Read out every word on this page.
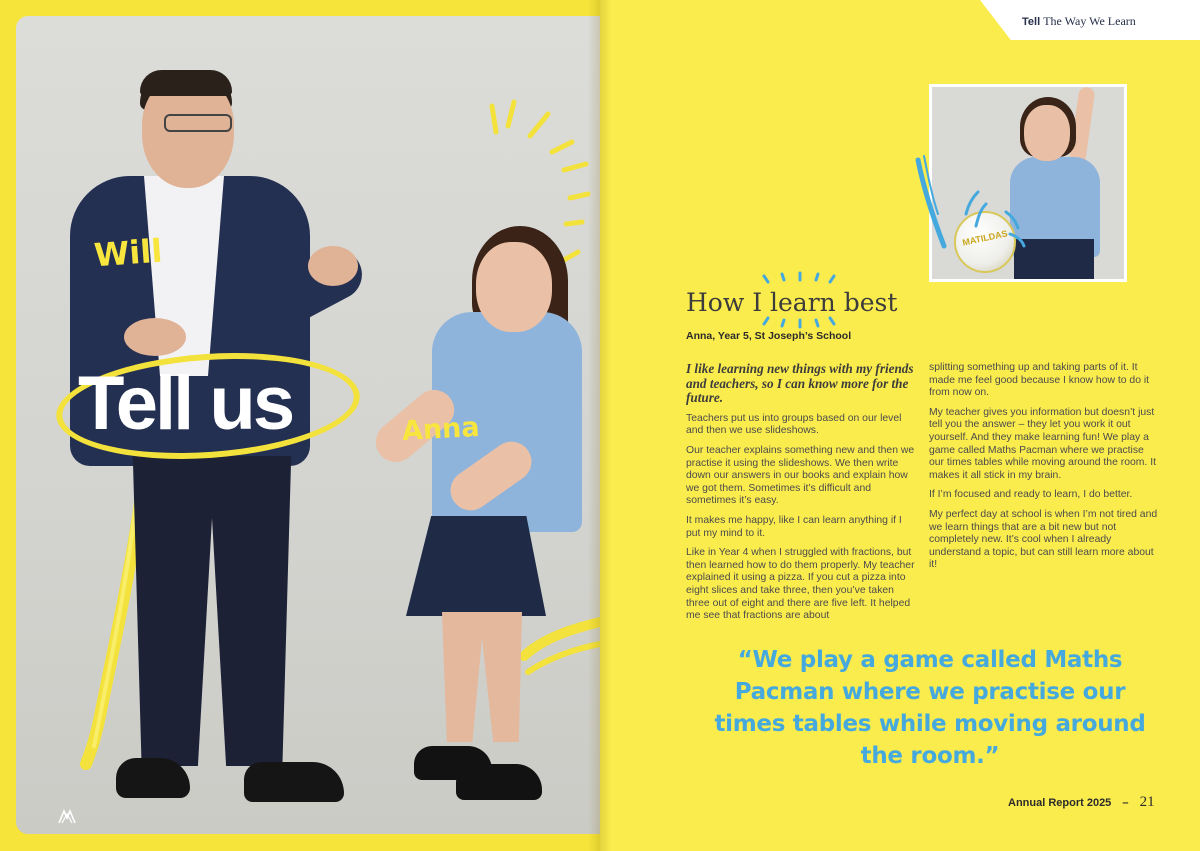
Will
Anna
Tell us
Tell The Way We Learn
MATILDAS
How I learn best
Anna, Year 5, St Joseph’s School

I like learning new things with my friends and teachers, so I can know more for the future.

Teachers put us into groups based on our level and then we use slideshows.

Our teacher explains something new and then we practise it using the slideshows. We then write down our answers in our books and explain how we got them. Sometimes it’s difficult and sometimes it’s easy.

It makes me happy, like I can learn anything if I put my mind to it.

Like in Year 4 when I struggled with fractions, but then learned how to do them properly. My teacher explained it using a pizza. If you cut a pizza into eight slices and take three, then you’ve taken three out of eight and there are five left. It helped me see that fractions are about

splitting something up and taking parts of it. It made me feel good because I know how to do it from now on.

My teacher gives you information but doesn’t just tell you the answer – they let you work it out yourself. And they make learning fun! We play a game called Maths Pacman where we practise our times tables while moving around the room. It makes it all stick in my brain.

If I’m focused and ready to learn, I do better.

My perfect day at school is when I’m not tired and we learn things that are a bit new but not completely new. It’s cool when I already understand a topic, but can still learn more about it!

“We play a game called Maths Pacman where we practise our times tables while moving around the room.”
Annual Report 2025 – 21
